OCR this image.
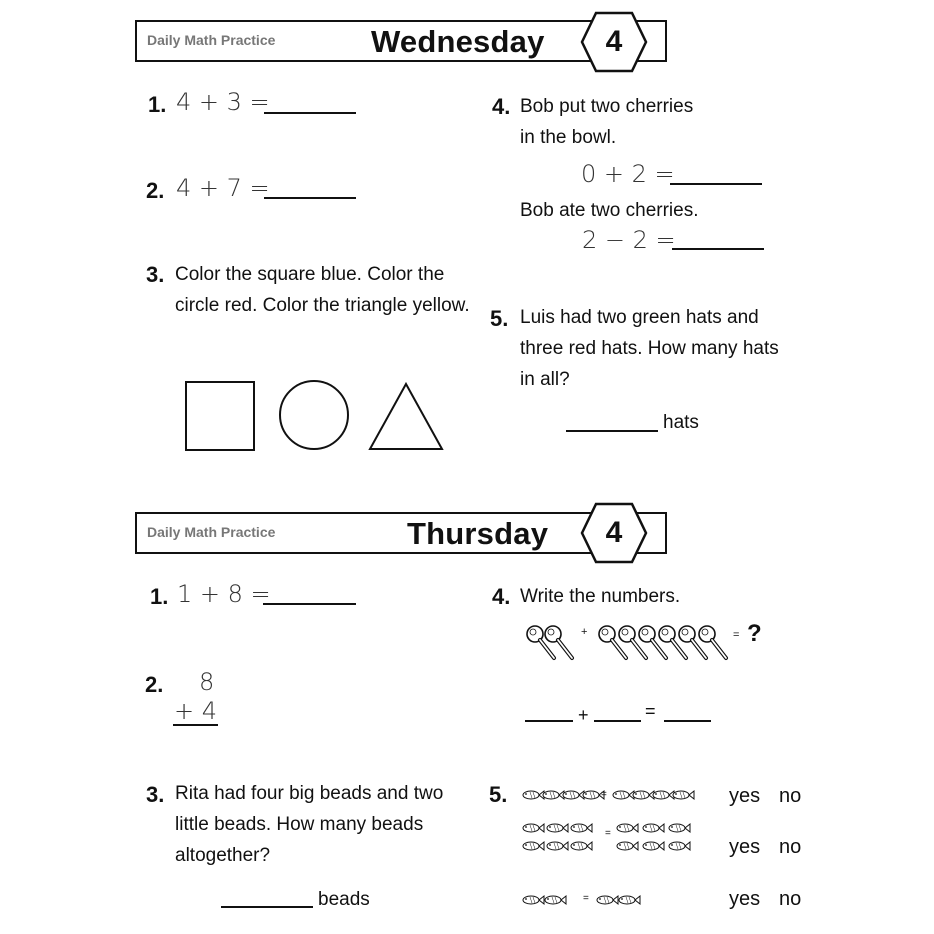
Daily Math Practice	Wednesday	4
1. 4 + 3 =
2. 4 + 7 =
3. Color the square blue. Color the
circle red. Color the triangle yellow.
4. Bob put two cherries
in the bowl.
0 + 2 =
Bob ate two cherries.
2 − 2 =
5. Luis had two green hats and
three red hats. How many hats
in all?
hats
Daily Math Practice	Thursday	4
1. 1 + 8 =
2. 8
+ 4
3. Rita had four big beads and two
little beads. How many beads
altogether?
beads
4. Write the numbers.
+	= ?
+	=
5.	=
=
=
yes no
yes no
yes no
